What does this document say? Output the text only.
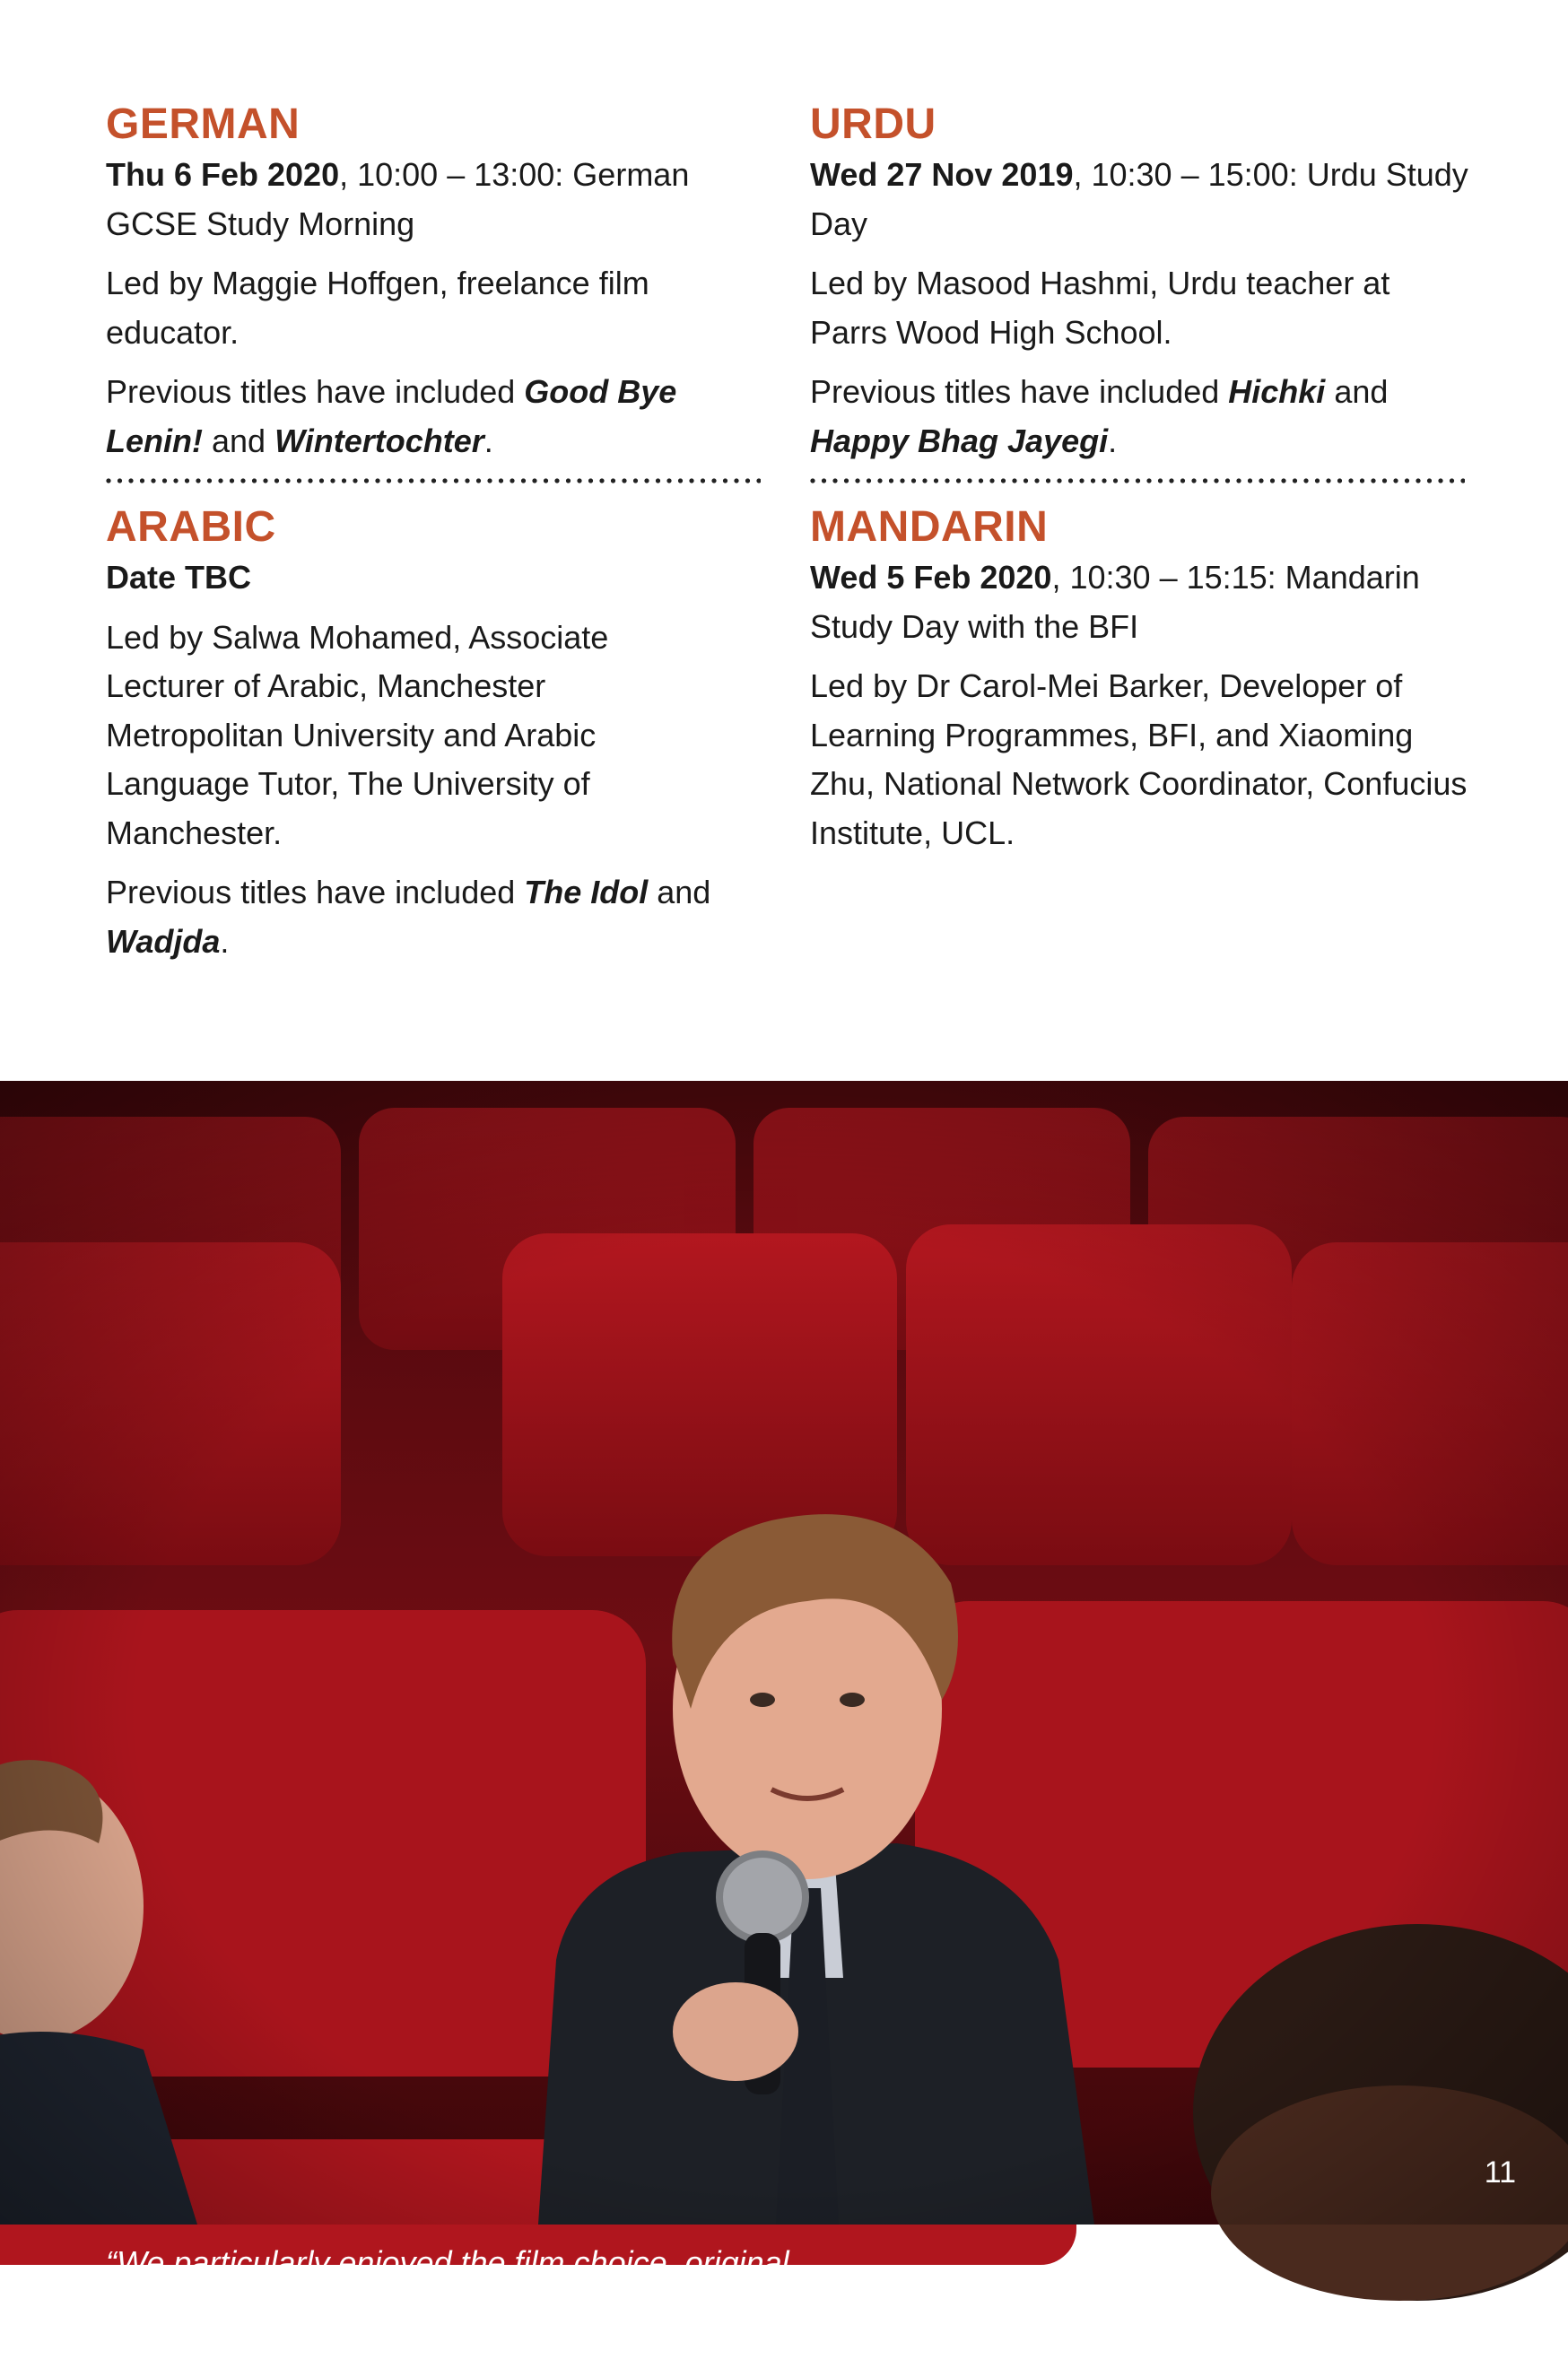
GERMAN

Thu 6 Feb 2020, 10:00 – 13:00: German GCSE Study Morning

Led by Maggie Hoffgen, freelance film educator.

Previous titles have included Good Bye Lenin! and Wintertochter.

ARABIC

Date TBC

Led by Salwa Mohamed, Associate Lecturer of Arabic, Manchester Metropolitan University and Arabic Language Tutor, The University of Manchester.

Previous titles have included The Idol and Wadjda.

URDU

Wed 27 Nov 2019, 10:30 – 15:00: Urdu Study Day

Led by Masood Hashmi, Urdu teacher at Parrs Wood High School.

Previous titles have included Hichki and Happy Bhag Jayegi.

MANDARIN

Wed 5 Feb 2020, 10:30 – 15:15: Mandarin Study Day with the BFI

Led by Dr Carol-Mei Barker, Developer of Learning Programmes, BFI, and Xiaoming Zhu, National Network Coordinator, Confucius Institute, UCL.

“We particularly enjoyed the film choice, original and though provoking”- Teacher after GCSE Spanish study morning Jeffrey

11
